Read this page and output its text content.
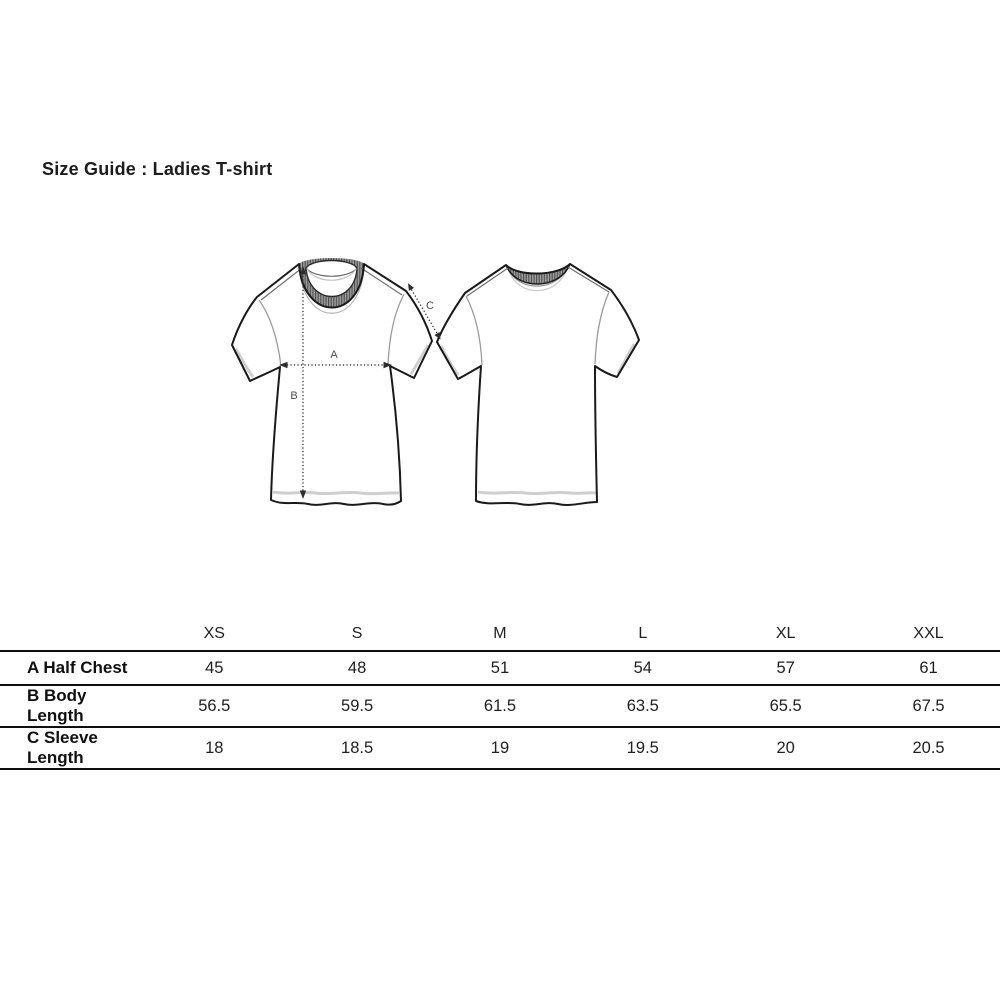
Size Guide : Ladies T-shirt
A
B
C
	XS	S	M	L	XL	XXL
A Half Chest	45	48	51	54	57	61
B Body Length	56.5	59.5	61.5	63.5	65.5	67.5
C Sleeve Length	18	18.5	19	19.5	20	20.5
